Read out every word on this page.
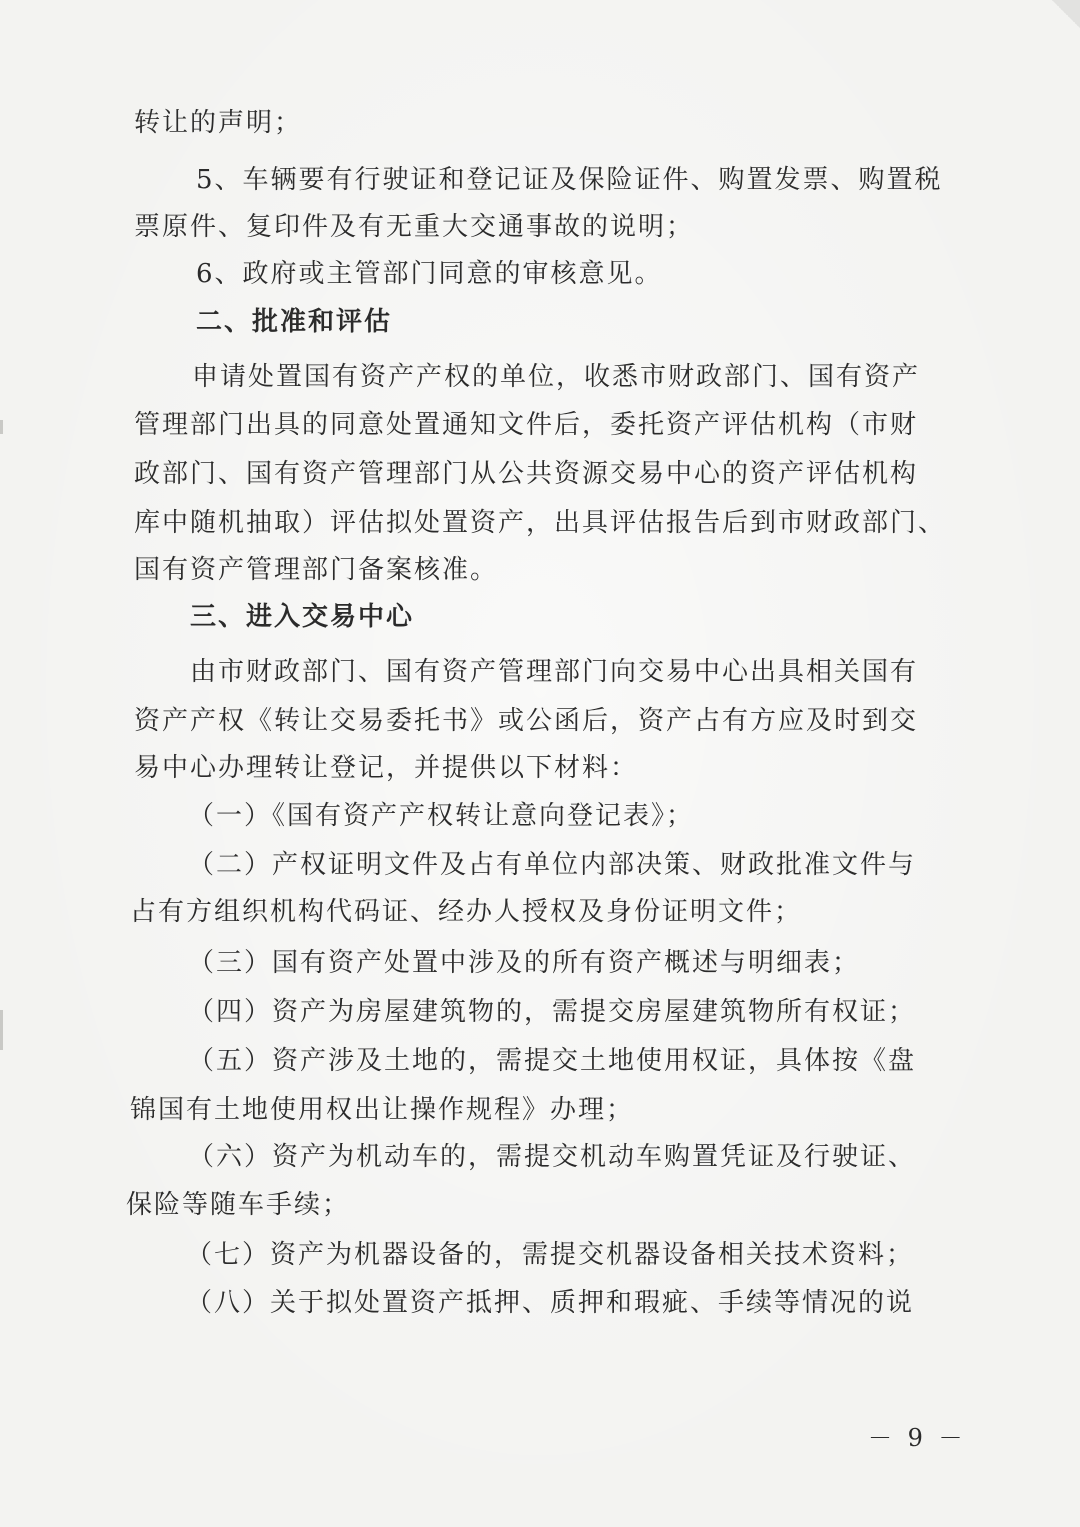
转让的声明；
5、车辆要有行驶证和登记证及保险证件、购置发票、购置税
票原件、复印件及有无重大交通事故的说明；
6、政府或主管部门同意的审核意见。
二、批准和评估
申请处置国有资产产权的单位，收悉市财政部门、国有资产
管理部门出具的同意处置通知文件后，委托资产评估机构（市财
政部门、国有资产管理部门从公共资源交易中心的资产评估机构
库中随机抽取）评估拟处置资产，出具评估报告后到市财政部门、
国有资产管理部门备案核准。
三、进入交易中心
由市财政部门、国有资产管理部门向交易中心出具相关国有
资产产权《转让交易委托书》或公函后，资产占有方应及时到交
易中心办理转让登记，并提供以下材料：
（一）《国有资产产权转让意向登记表》；
（二）产权证明文件及占有单位内部决策、财政批准文件与
占有方组织机构代码证、经办人授权及身份证明文件；
（三）国有资产处置中涉及的所有资产概述与明细表；
（四）资产为房屋建筑物的，需提交房屋建筑物所有权证；
（五）资产涉及土地的，需提交土地使用权证，具体按《盘
锦国有土地使用权出让操作规程》办理；
（六）资产为机动车的，需提交机动车购置凭证及行驶证、
保险等随车手续；
（七）资产为机器设备的，需提交机器设备相关技术资料；
（八）关于拟处置资产抵押、质押和瑕疵、手续等情况的说
－ 9 －
